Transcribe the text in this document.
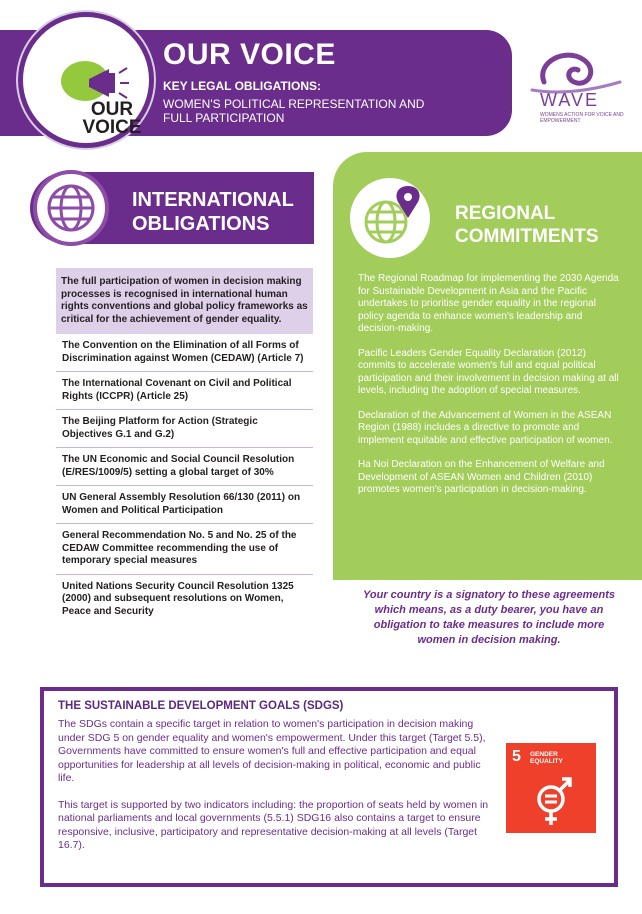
OUR VOICE
OUR VOICE
KEY LEGAL OBLIGATIONS:
WOMEN'S POLITICAL REPRESENTATION AND FULL PARTICIPATION
WAVE
WOMENS ACTION FOR VOICE AND EMPOWERMENT
INTERNATIONAL OBLIGATIONS
The full participation of women in decision making processes is recognised in international human rights conventions and global policy frameworks as critical for the achievement of gender equality.
The Convention on the Elimination of all Forms of Discrimination against Women (CEDAW) (Article 7)
The International Covenant on Civil and Political Rights (ICCPR) (Article 25)
The Beijing Platform for Action (Strategic Objectives G.1 and G.2)
The UN Economic and Social Council Resolution (E/RES/1009/5) setting a global target of 30%
UN General Assembly Resolution 66/130 (2011) on Women and Political Participation
General Recommendation No. 5 and No. 25 of the CEDAW Committee recommending the use of temporary special measures
United Nations Security Council Resolution 1325 (2000) and subsequent resolutions on Women, Peace and Security
REGIONAL COMMITMENTS

The Regional Roadmap for implementing the 2030 Agenda for Sustainable Development in Asia and the Pacific undertakes to prioritise gender equality in the regional policy agenda to enhance women's leadership and decision-making.

Pacific Leaders Gender Equality Declaration (2012) commits to accelerate women's full and equal political participation and their involvement in decision making at all levels, including the adoption of special measures.

Declaration of the Advancement of Women in the ASEAN Region (1988) includes a directive to promote and implement equitable and effective participation of women.

Ha Noi Declaration on the Enhancement of Welfare and Development of ASEAN Women and Children (2010) promotes women's participation in decision-making.

Your country is a signatory to these agreements which means, as a duty bearer, you have an obligation to take measures to include more women in decision making.
THE SUSTAINABLE DEVELOPMENT GOALS (SDGS)

The SDGs contain a specific target in relation to women's participation in decision making under SDG 5 on gender equality and women's empowerment. Under this target (Target 5.5), Governments have committed to ensure women's full and effective participation and equal opportunities for leadership at all levels of decision-making in political, economic and public life.

This target is supported by two indicators including: the proportion of seats held by women in national parliaments and local governments (5.5.1) SDG16 also contains a target to ensure responsive, inclusive, participatory and representative decision-making at all levels (Target 16.7).

5 GENDER EQUALITY
